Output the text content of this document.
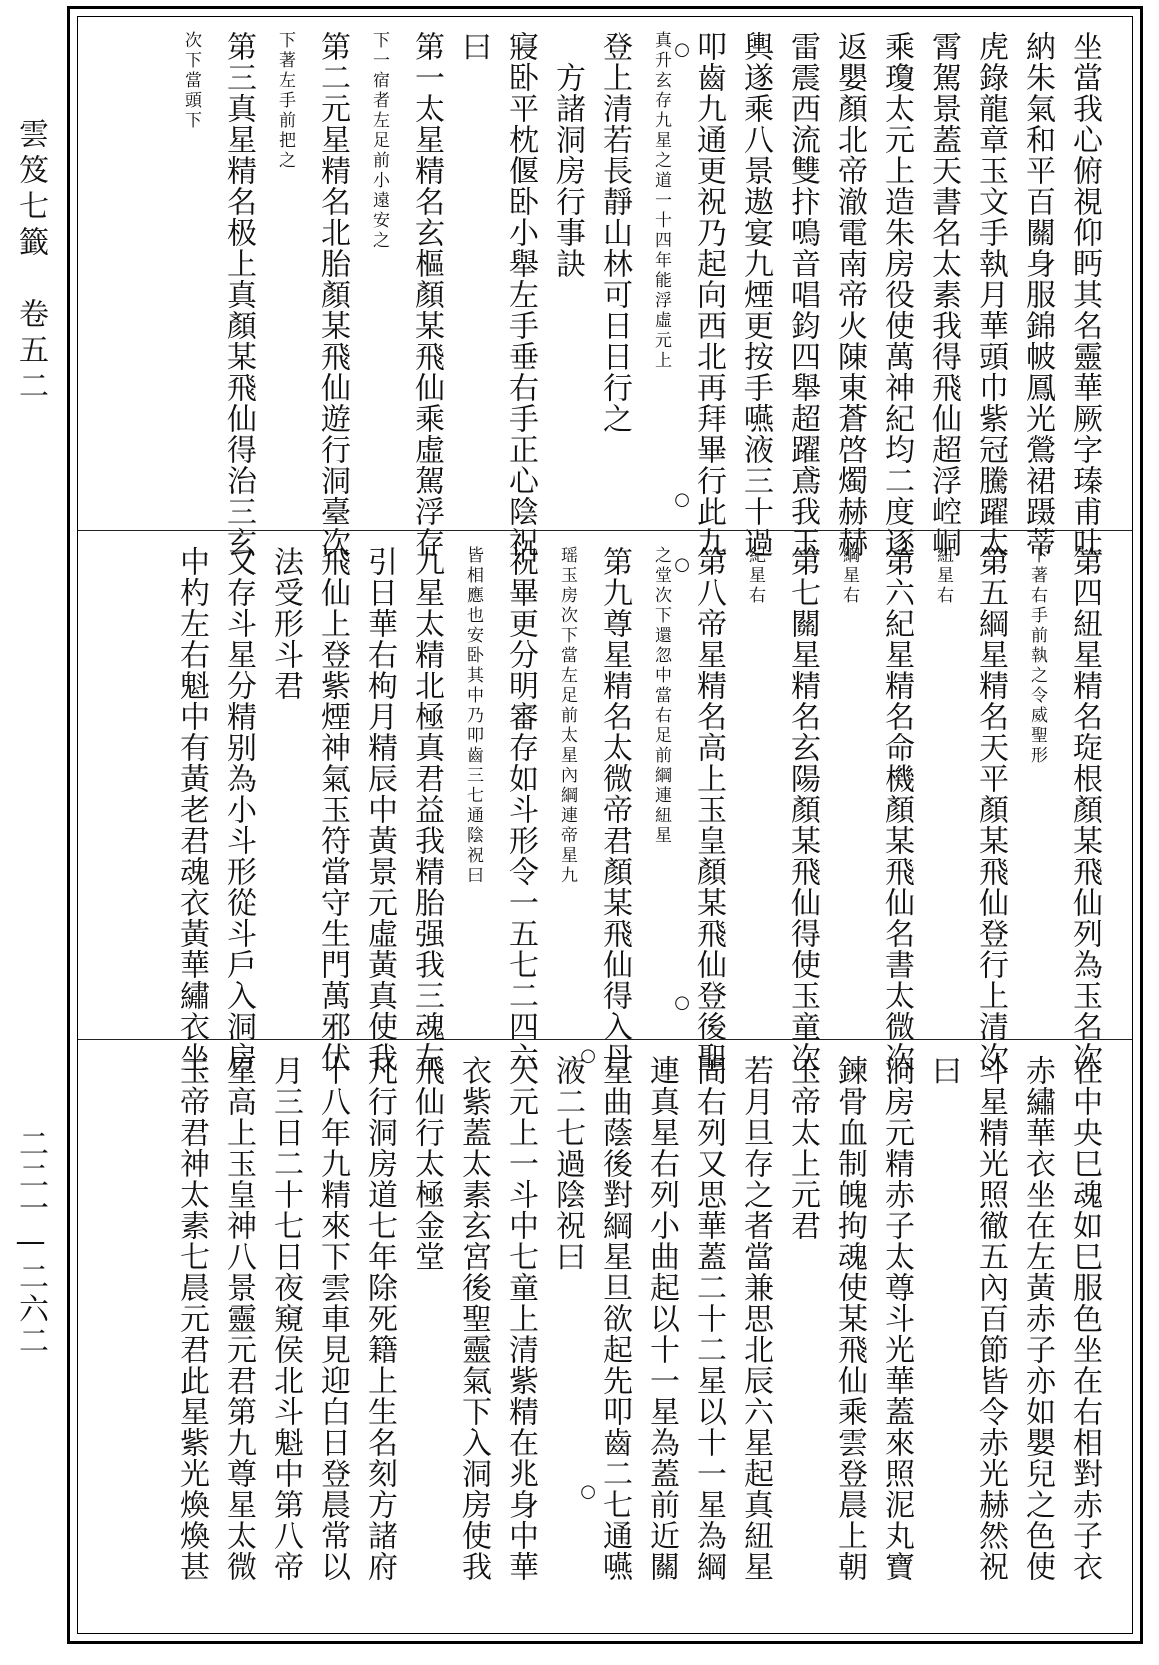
雲笈七籤　卷五二
二二一—二六二
坐當我心俯視仰眄其名靈華厥字瑧甫吐
納朱氣和平百關身服錦帔鳳光鶯裙蹑蒂
虎錄龍章玉文手執月華頭巾紫冠騰躍太
霄駕景蓋天書名太素我得飛仙超浮崆峒
乘瓊太元上造朱房役使萬神紀均二度逐
返嬰顏北帝澈電南帝火陳東蒼啓燭赫赫
雷震西流雙抃鳴音唱鈞四舉超躍鳶我玉
輿遂乘八景遨宴九煙更按手嚥液三十過
叩齒九通更祝乃起向西北再拜畢行此九
真升玄存九星之道一十四年能浮虛元上
登上清若長靜山林可日日行之
　方諸洞房行事訣
寢卧平枕偃卧小舉左手垂右手正心陰祝
曰
第一太星精名玄樞顏某飛仙乘虛駕浮存
下一宿者左足前小遠安之
第二元星精名北胎顏某飛仙遊行洞臺次
下著左手前把之
第三真星精名极上真顏某飛仙得治三玄
次下當頭下	○
○
第四紐星精名琁根顏某飛仙列為玉名次
下著右手前執之令威聖形
第五綱星精名天平顏某飛仙登行上清次
紐星右
第六紀星精名命機顏某飛仙名書太微次
綱星右
第七關星精名玄陽顏某飛仙得使玉童次
紀星右
第八帝星精名高上玉皇顏某飛仙登後聖
之堂次下還忽中當右足前綱連紐星
第九尊星精名太微帝君顏某飛仙得入丹
瑶玉房次下當左足前太星內綱連帝星九
祝畢更分明審存如斗形令一五七二四六
皆相應也安卧其中乃叩齒三七通陰祝曰
九星太精北極真君益我精胎强我三魂左
引日華右枸月精辰中黃景元虛黃真使我
飛仙上登紫煙神氣玉符當守生門萬邪伏
法受形斗君
又存斗星分精别為小斗形從斗戶入洞房
中杓左右魁中有黃老君魂衣黃華繡衣坐	○
○
在中央巳魂如巳服色坐在右相對赤子衣
赤繡華衣坐在左黃赤子亦如嬰兒之色使
斗星精光照徹五內百節皆令赤光赫然祝
曰
洞房元精赤子太尊斗光華蓋來照泥丸寶
鍊骨血制魄拘魂使某飛仙乘雲登晨上朝
玉帝太上元君
若月旦存之者當兼思北辰六星起真紐星
間右列又思華蓋二十二星以十一星為綱
連真星右列小曲起以十一星為蓋前近關
星曲蔭後對綱星旦欲起先叩齒二七通嚥
液二七過陰祝曰
天元上一斗中七童上清紫精在兆身中華
衣紫蓋太素玄宮後聖靈氣下入洞房使我
飛仙行太極金堂
凡行洞房道七年除死籍上生名刻方諸府
十八年九精來下雲車見迎白日登晨常以
月三日二十七日夜窺侯北斗魁中第八帝
星高上玉皇神八景靈元君第九尊星太微
玉帝君神太素七晨元君此星紫光煥煥甚	○
○
